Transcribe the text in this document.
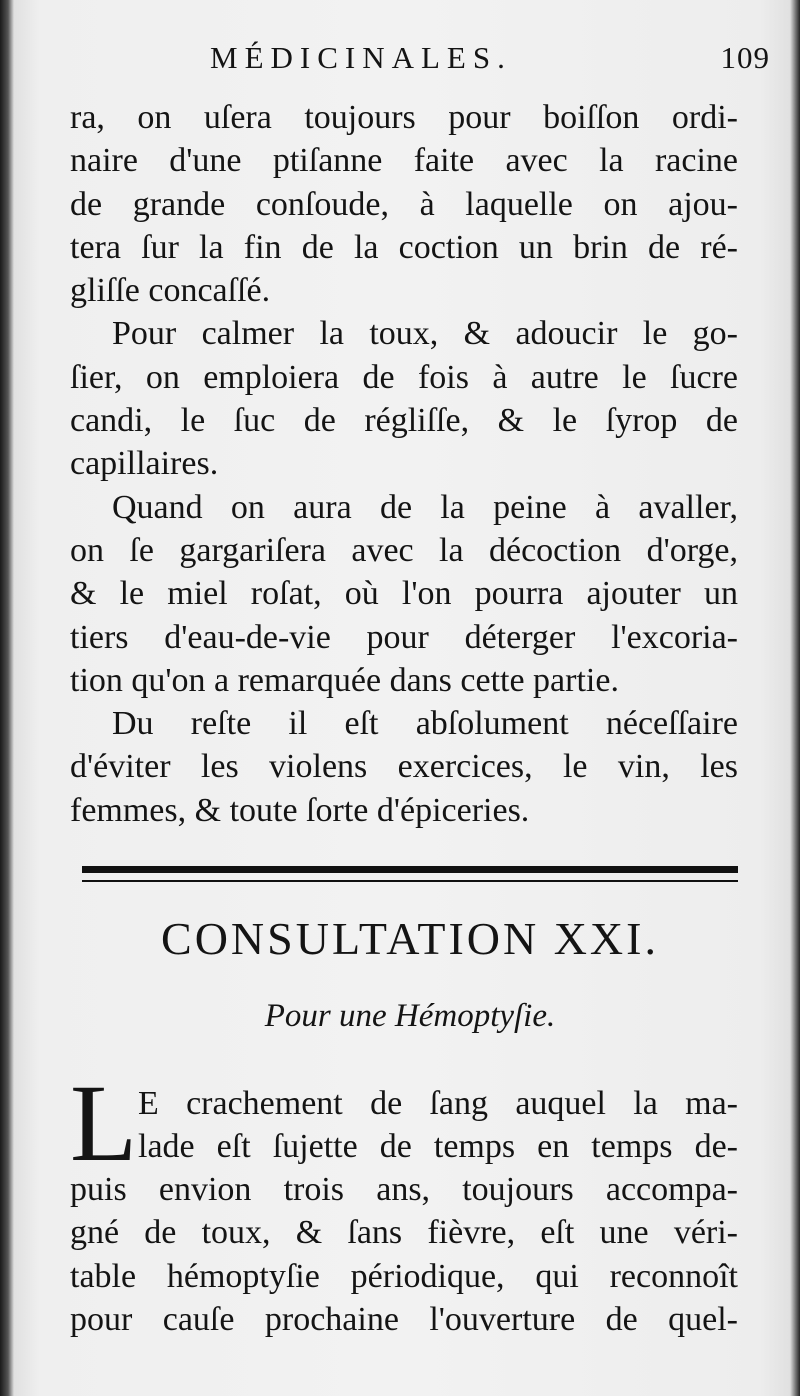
MÉDICINALES.	109
ra, on uſera toujours pour boiſſon ordi-
naire d'une ptiſanne faite avec la racine
de grande conſoude, à laquelle on ajou-
tera ſur la fin de la coction un brin de ré-
gliſſe concaſſé.
Pour calmer la toux, & adoucir le go-
ſier, on emploiera de fois à autre le ſucre
candi, le ſuc de régliſſe, & le ſyrop de
capillaires.
Quand on aura de la peine à avaller,
on ſe gargariſera avec la décoction d'orge,
& le miel roſat, où l'on pourra ajouter un
tiers d'eau-de-vie pour déterger l'excoria-
tion qu'on a remarquée dans cette partie.
Du reſte il eſt abſolument néceſſaire
d'éviter les violens exercices, le vin, les
femmes, & toute ſorte d'épiceries.
CONSULTATION XXI.
Pour une Hémoptyſie.
L E crachement de ſang auquel la ma-
lade eſt ſujette de temps en temps de-
puis envion trois ans, toujours accompa-
gné de toux, & ſans fièvre, eſt une véri-
table hémoptyſie périodique, qui reconnoît
pour cauſe prochaine l'ouverture de quel-
